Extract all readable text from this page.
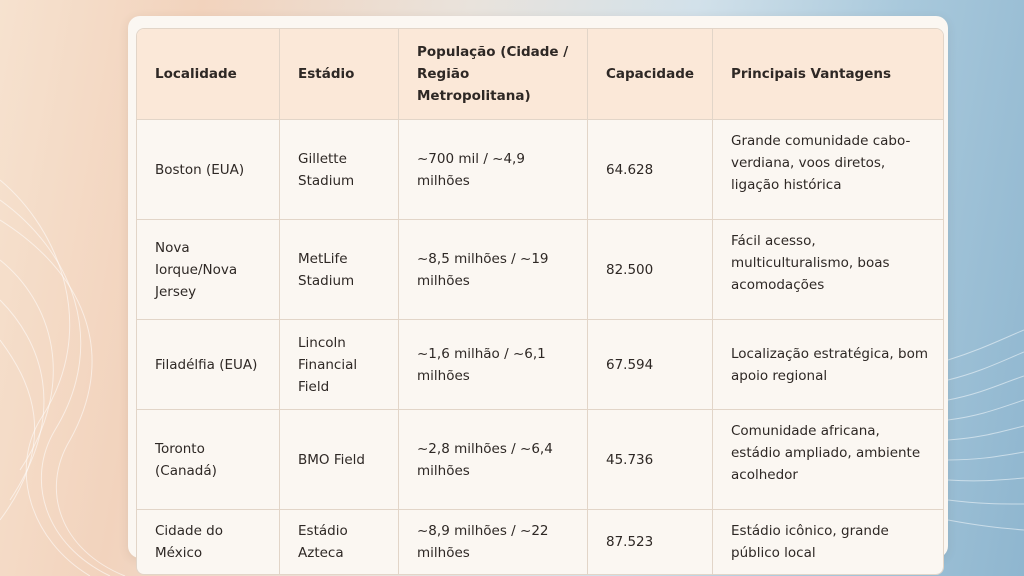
Localidade	Estádio	População (Cidade / Região Metropolitana)	Capacidade	Principais Vantagens
Boston (EUA)	Gillette Stadium	~700 mil / ~4,9 milhões	64.628	Grande comunidade cabo-verdiana, voos diretos, ligação histórica
Nova Iorque/Nova Jersey	MetLife Stadium	~8,5 milhões / ~19 milhões	82.500	Fácil acesso, multiculturalismo, boas acomodações
Filadélfia (EUA)	Lincoln Financial Field	~1,6 milhão / ~6,1 milhões	67.594	Localização estratégica, bom apoio regional
Toronto (Canadá)	BMO Field	~2,8 milhões / ~6,4 milhões	45.736	Comunidade africana, estádio ampliado, ambiente acolhedor
Cidade do México	Estádio Azteca	~8,9 milhões / ~22 milhões	87.523	Estádio icônico, grande público local
